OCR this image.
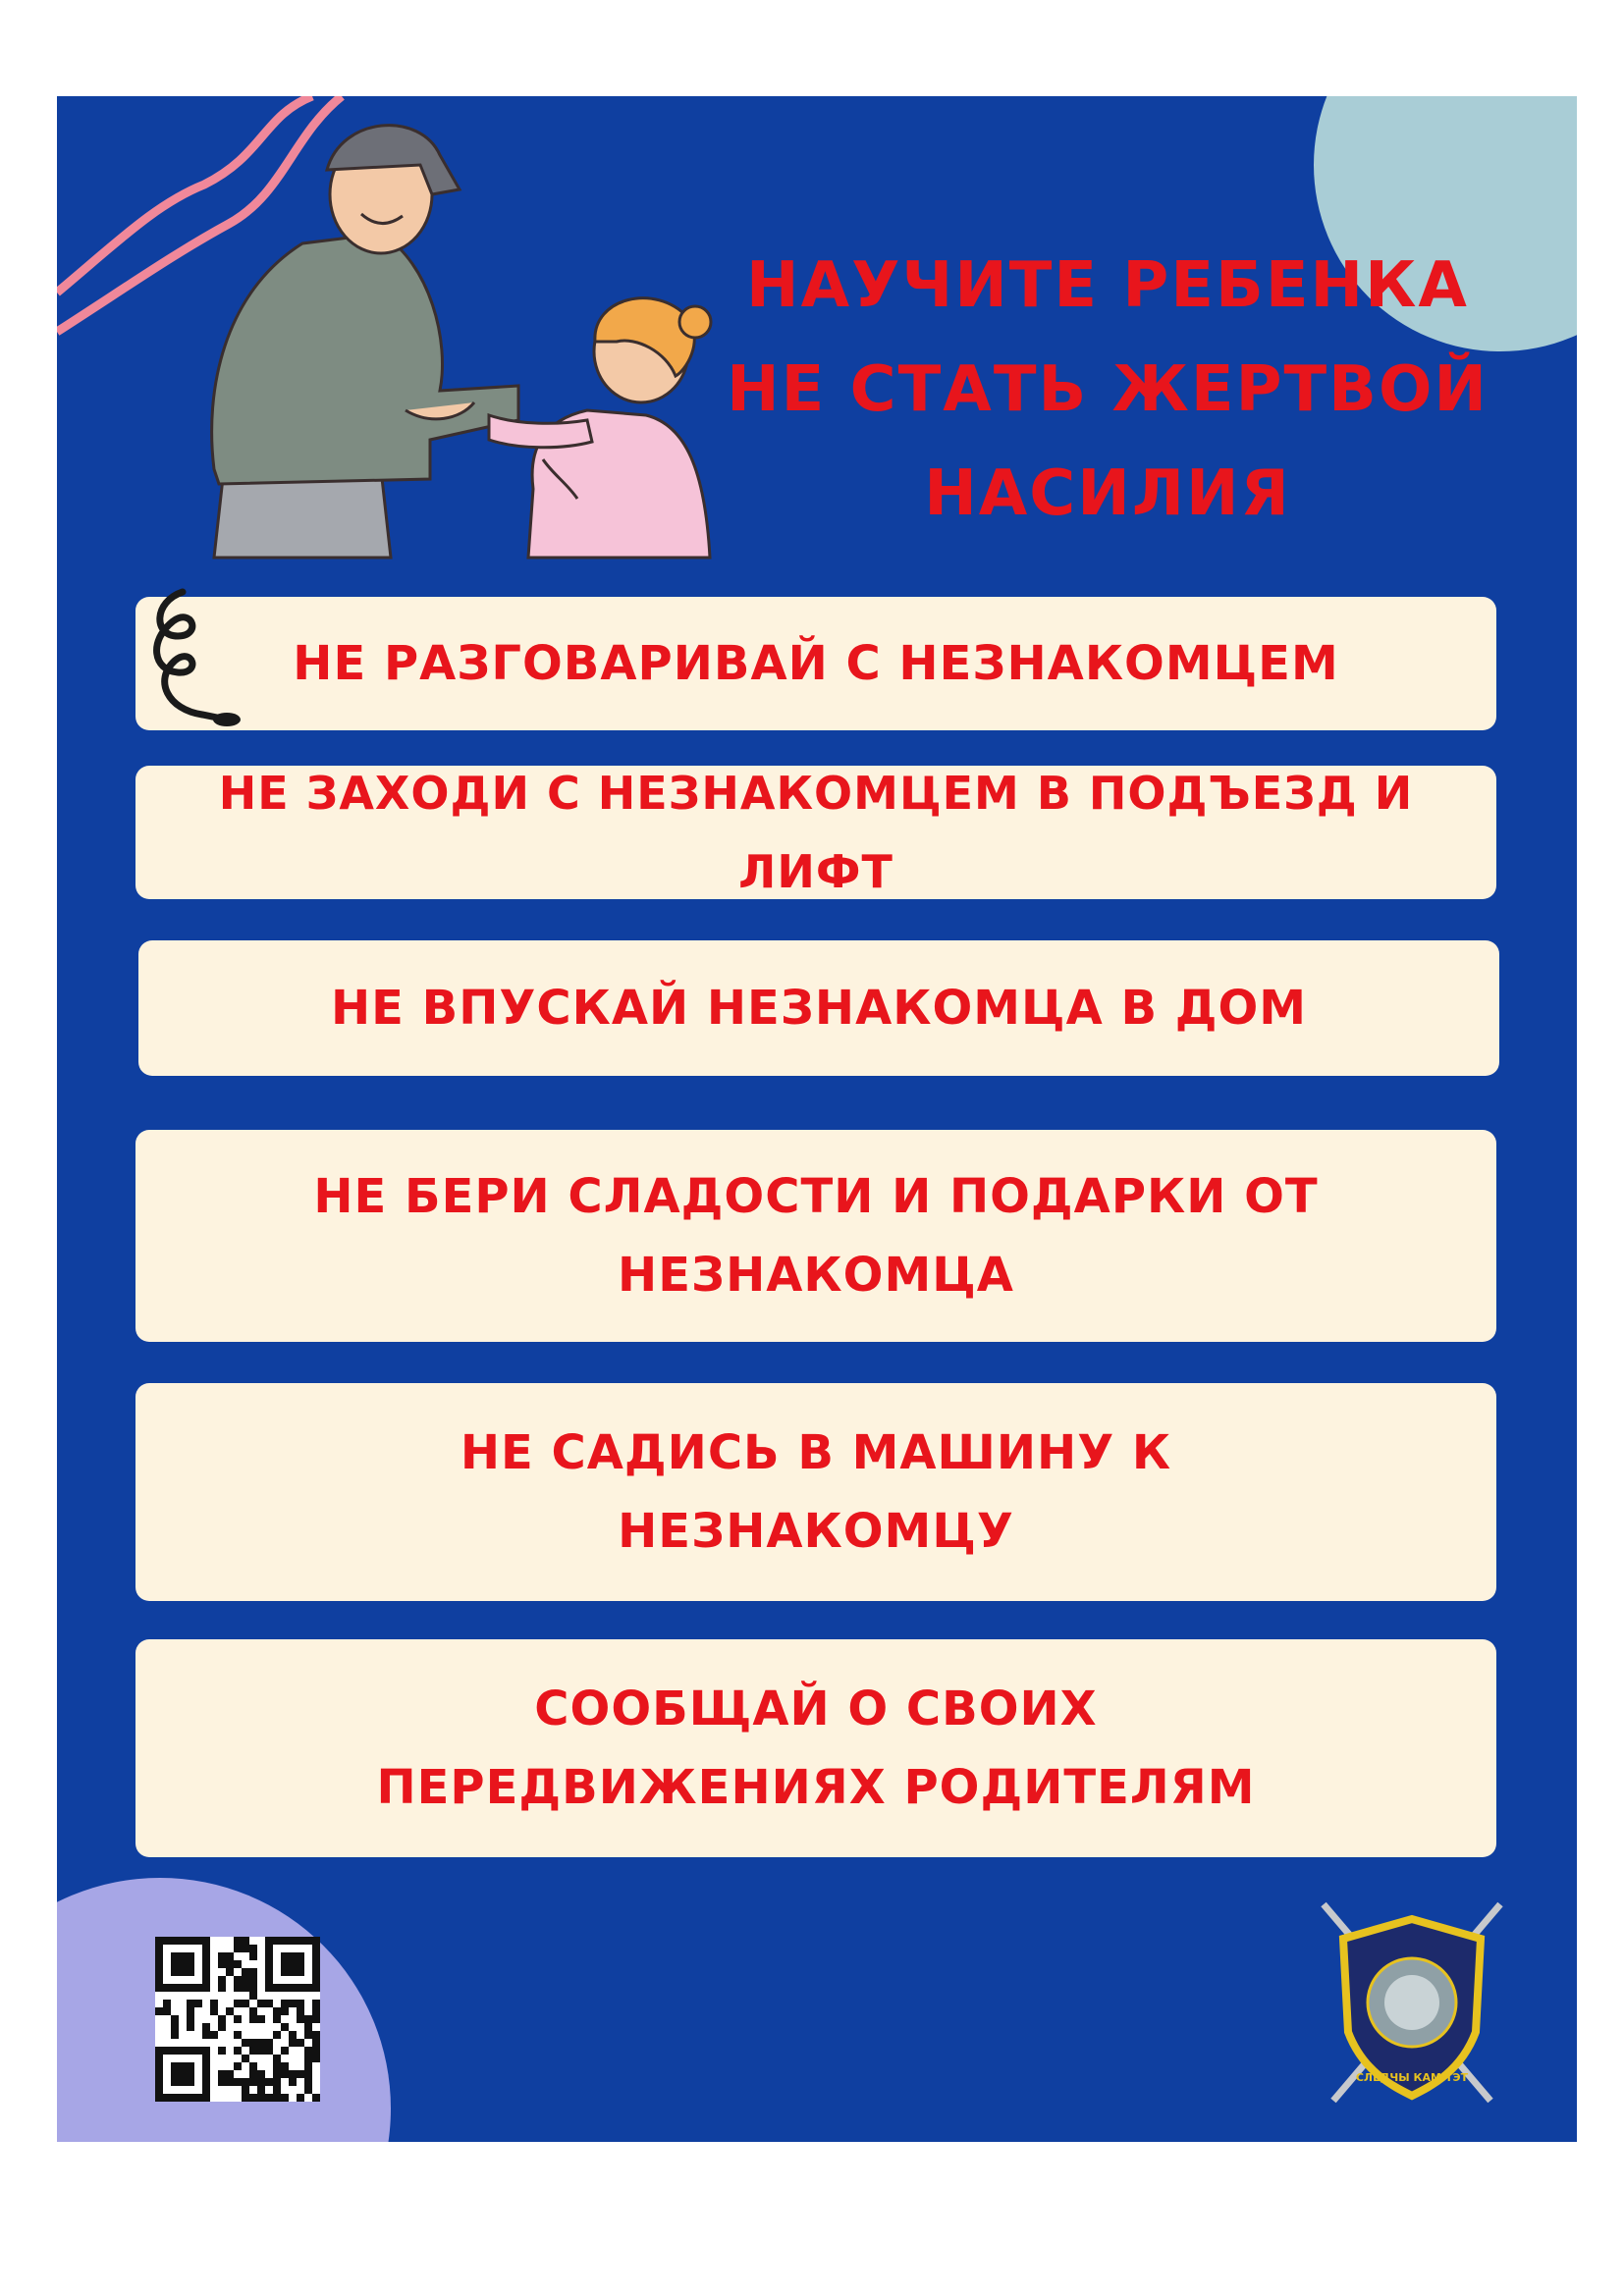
НАУЧИТЕ РЕБЕНКА
НЕ СТАТЬ ЖЕРТВОЙ
НАСИЛИЯ
НЕ РАЗГОВАРИВАЙ С НЕЗНАКОМЦЕМ
НЕ ЗАХОДИ С НЕЗНАКОМЦЕМ В ПОДЪЕЗД И ЛИФТ
НЕ ВПУСКАЙ НЕЗНАКОМЦА В ДОМ
НЕ БЕРИ СЛАДОСТИ И ПОДАРКИ ОТ
НЕЗНАКОМЦА
НЕ САДИСЬ В МАШИНУ К
НЕЗНАКОМЦУ
СООБЩАЙ О СВОИХ
ПЕРЕДВИЖЕНИЯХ РОДИТЕЛЯМ
СЛЕДЧЫ КАМІТЭТ
